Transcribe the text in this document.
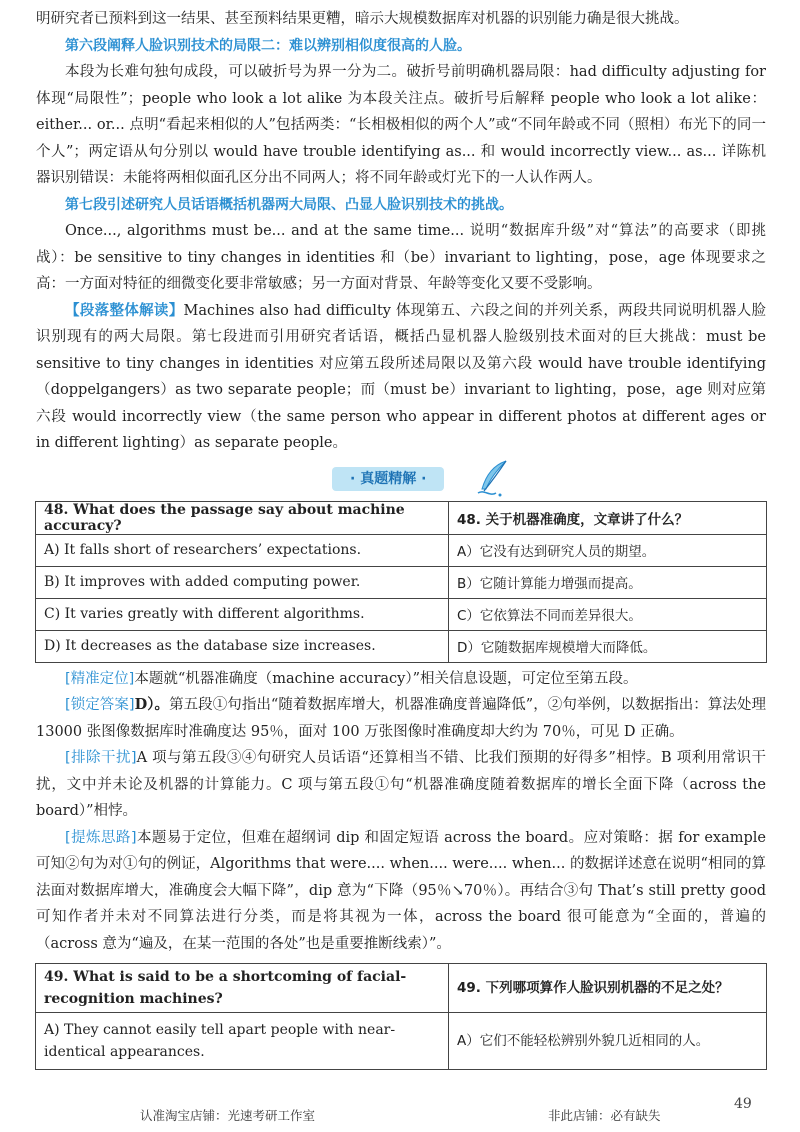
明研究者已预料到这一结果、甚至预料结果更糟，暗示大规模数据库对机器的识别能力确是很大挑战。

第六段阐释人脸识别技术的局限二：难以辨别相似度很高的人脸。

本段为长难句独句成段，可以破折号为界一分为二。破折号前明确机器局限：had difficulty adjusting for 体现“局限性”；people who look a lot alike 为本段关注点。破折号后解释 people who look a lot alike：either... or... 点明“看起来相似的人”包括两类：“长相极相似的两个人”或“不同年龄或不同（照相）布光下的同一个人”；两定语从句分别以 would have trouble identifying as... 和 would incorrectly view... as... 详陈机器识别错误：未能将两相似面孔区分出不同两人；将不同年龄或灯光下的一人认作两人。

第七段引述研究人员话语概括机器两大局限、凸显人脸识别技术的挑战。

Once..., algorithms must be... and at the same time... 说明“数据库升级”对“算法”的高要求（即挑战）：be sensitive to tiny changes in identities 和（be）invariant to lighting，pose，age 体现要求之高：一方面对特征的细微变化要非常敏感；另一方面对背景、年龄等变化又要不受影响。

【段落整体解读】Machines also had difficulty 体现第五、六段之间的并列关系，两段共同说明机器人脸识别现有的两大局限。第七段进而引用研究者话语，概括凸显机器人脸级别技术面对的巨大挑战：must be sensitive to tiny changes in identities 对应第五段所述局限以及第六段 would have trouble identifying（doppelgangers）as two separate people；而（must be）invariant to lighting，pose，age 则对应第六段 would incorrectly view（the same person who appear in different photos at different ages or in different lighting）as separate people。

· 真题精解 ·
48. What does the passage say about machine accuracy?	48. 关于机器准确度，文章讲了什么？
A) It falls short of researchers’ expectations.	A）它没有达到研究人员的期望。
B) It improves with added computing power.	B）它随计算能力增强而提高。
C) It varies greatly with different algorithms.	C）它依算法不同而差异很大。
D) It decreases as the database size increases.	D）它随数据库规模增大而降低。

[精准定位]本题就“机器准确度（machine accuracy）”相关信息设题，可定位至第五段。

[锁定答案]D）。第五段①句指出“随着数据库增大，机器准确度普遍降低”，②句举例，以数据指出：算法处理 13000 张图像数据库时准确度达 95％，面对 100 万张图像时准确度却大约为 70％，可见 D 正确。

[排除干扰]A 项与第五段③④句研究人员话语“还算相当不错、比我们预期的好得多”相悖。B 项利用常识干扰，文中并未论及机器的计算能力。C 项与第五段①句“机器准确度随着数据库的增长全面下降（across the board）”相悖。

[提炼思路]本题易于定位，但难在超纲词 dip 和固定短语 across the board。应对策略：据 for example 可知②句为对①句的例证，Algorithms that were.... when.... were.... when... 的数据详述意在说明“相同的算法面对数据库增大，准确度会大幅下降”，dip 意为“下降（95％↘70％）。再结合③句 That’s still pretty good 可知作者并未对不同算法进行分类，而是将其视为一体，across the board 很可能意为“全面的，普遍的（across 意为“遍及，在某一范围的各处”也是重要推断线索）”。

49. What is said to be a shortcoming of facial-recognition machines?	49. 下列哪项算作人脸识别机器的不足之处？
A) They cannot easily tell apart people with near-identical appearances.	A）它们不能轻松辨别外貌几近相同的人。
认准淘宝店铺：光速考研工作室	非此店铺：必有缺失
49
